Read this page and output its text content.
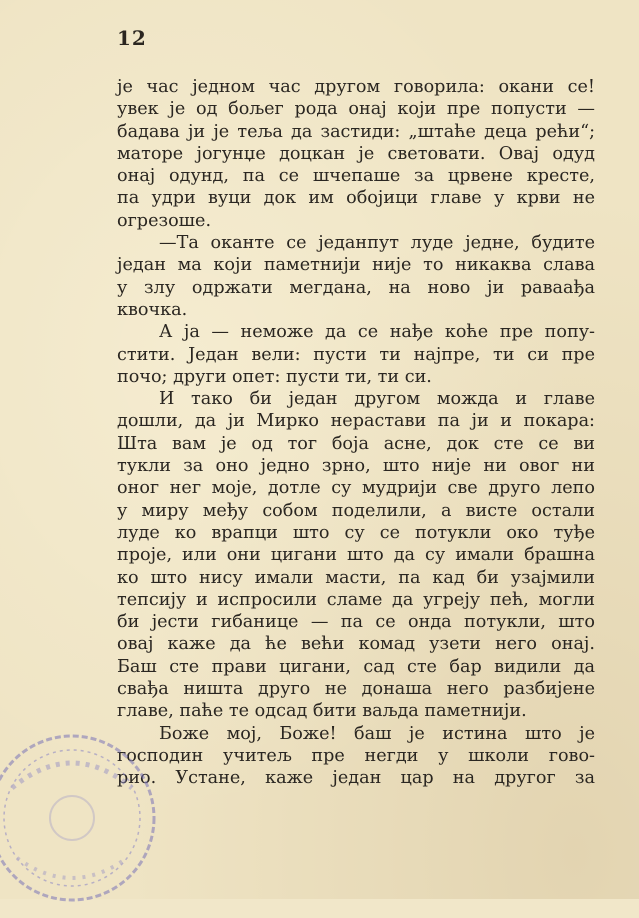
12
је час једном час другом говорила: окани се!
увек је од бољег рода онај који пре попусти —
бадава ји је теља да застиди: „штаће деца рећи“;
маторе јогунџе доцкан је световати. Овај одуд
онај одунд, па се шчепаше за црвене кресте,
па удри вуци док им обојици главе у крви не
огрезоше.
—Та оканте се једанпут луде једне, будите
један ма који паметнији није то никаква слава
у злу одржати мегдана, на ново ји раваађа
квочка.
А ја — неможе да се нађе коће пре попу-
стити. Један вели: пусти ти најпре, ти си пре
почо; други опет: пусти ти, ти си.
И тако би један другом можда и главе
дошли, да ји Мирко нерастави па ји и покара:
Шта вам је од тог боја асне, док сте се ви
тукли за оно једно зрно, што није ни овог ни
оног нег моје, дотле су мудрији све друго лепо
у миру међу собом поделили, а висте остали
луде ко врапци што су се потукли око туђе
проје, или они цигани што да су имали брашна
ко што нису имали масти, па кад би узајмили
тепсију и испросили сламе да угреју пећ, могли
би јести гибанице — па се онда потукли, што
овај каже да ће већи комад узети него онај.
Баш сте прави цигани, сад сте бар видили да
свађа ништа друго не донаша него разбијене
главе, паће те одсад бити ваљда паметнији.
Боже мој, Боже! баш је истина што је
господин учитељ пре негди у школи гово-
рио. Устане, каже један цар на другог за
